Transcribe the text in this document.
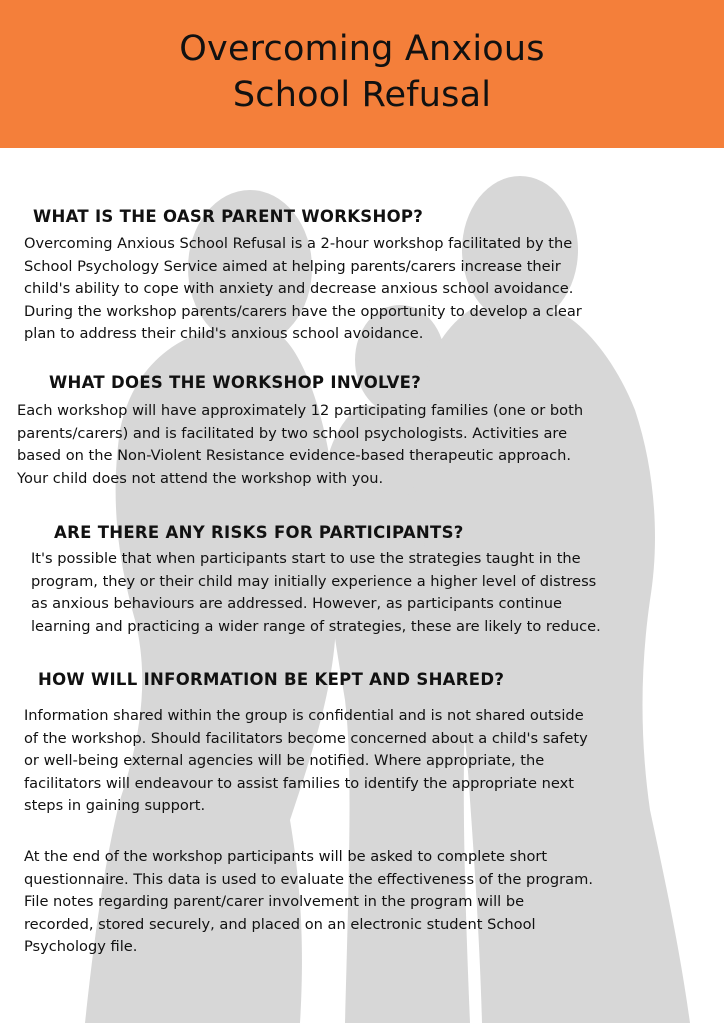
Overcoming Anxious
School Refusal
WHAT IS THE OASR PARENT WORKSHOP?

Overcoming Anxious School Refusal is a 2-hour workshop facilitated by the
School Psychology Service aimed at helping parents/carers increase their
child's ability to cope with anxiety and decrease anxious school avoidance.
During the workshop parents/carers have the opportunity to develop a clear
plan to address their child's anxious school avoidance.

WHAT DOES THE WORKSHOP INVOLVE?

Each workshop will have approximately 12 participating families (one or both
parents/carers) and is facilitated by two school psychologists. Activities are
based on the Non-Violent Resistance evidence-based therapeutic approach.
Your child does not attend the workshop with you.

ARE THERE ANY RISKS FOR PARTICIPANTS?

It's possible that when participants start to use the strategies taught in the
program, they or their child may initially experience a higher level of distress
as anxious behaviours are addressed. However, as participants continue
learning and practicing a wider range of strategies, these are likely to reduce.

HOW WILL INFORMATION BE KEPT AND SHARED?

Information shared within the group is confidential and is not shared outside
of the workshop. Should facilitators become concerned about a child's safety
or well-being external agencies will be notified. Where appropriate, the
facilitators will endeavour to assist families to identify the appropriate next
steps in gaining support.

At the end of the workshop participants will be asked to complete short
questionnaire. This data is used to evaluate the effectiveness of the program.
File notes regarding parent/carer involvement in the program will be
recorded, stored securely, and placed on an electronic student School
Psychology file.
